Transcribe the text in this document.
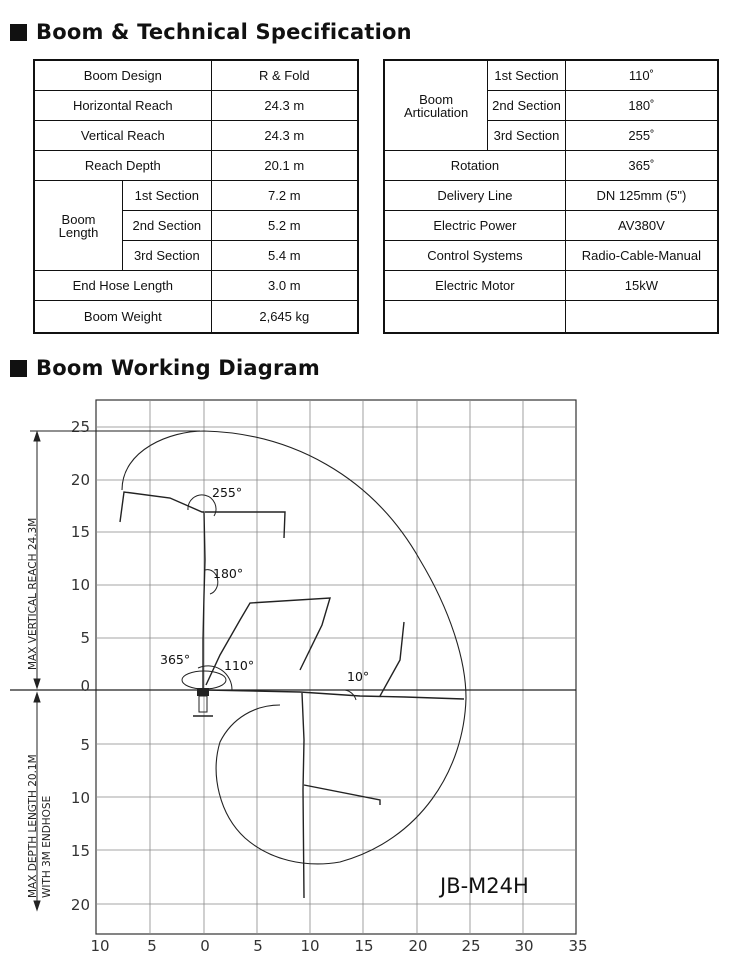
Boom & Technical Specification
Boom Design		R & Fold
Horizontal Reach		24.3 m
Vertical Reach		24.3 m
Reach Depth		20.1 m
Boom Length	1st Section	7.2 m
	2nd Section	5.2 m
	3rd Section	5.4 m
End Hose Length		3.0 m
Boom Weight		2,645 kg
Boom Articulation	1st Section	110˚
	2nd Section	180˚
	3rd Section	255˚
Rotation		365˚
Delivery Line		DN 125mm (5")
Electric Power		AV380V
Control Systems		Radio-Cable-Manual
Electric Motor		15kW

Boom Working Diagram
25
20
15
10
5
0
5
10
15
20
10	5	0	5	10 15 20 25 30 35
MAX VERTICAL REACH 24.3M
MAX DEPTH LENGTH 20.1M WITH 3M ENDHOSE
255°
180°
365°	110°
10°
JB-M24H
